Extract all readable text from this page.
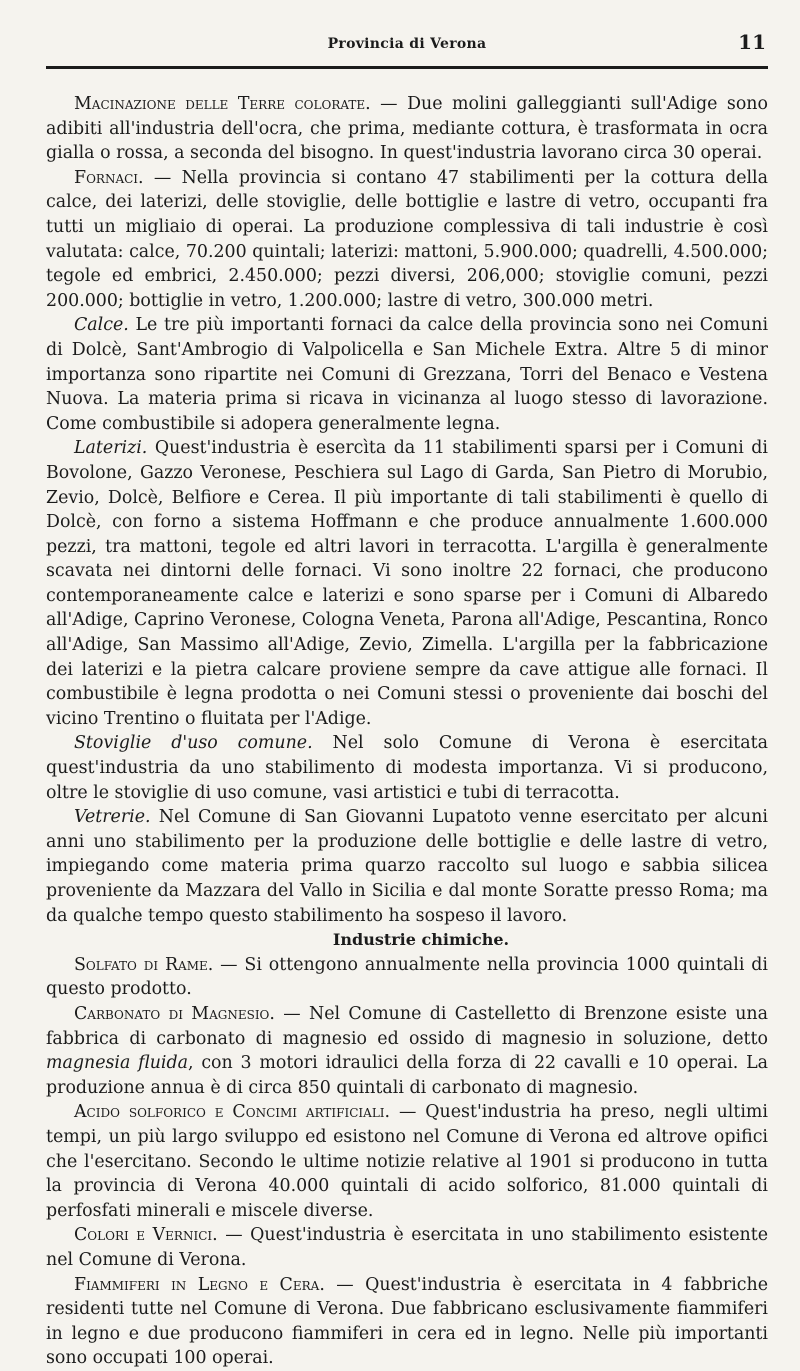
Provincia di Verona	11

Macinazione delle Terre colorate. — Due molini galleggianti sull'Adige sono adibiti all'industria dell'ocra, che prima, mediante cottura, è trasformata in ocra gialla o rossa, a seconda del bisogno. In quest'industria lavorano circa 30 operai.

Fornaci. — Nella provincia si contano 47 stabilimenti per la cottura della calce, dei laterizi, delle stoviglie, delle bottiglie e lastre di vetro, occupanti fra tutti un migliaio di operai. La produzione complessiva di tali industrie è così valutata: calce, 70.200 quintali; laterizi: mattoni, 5.900.000; quadrelli, 4.500.000; tegole ed embrici, 2.450.000; pezzi diversi, 206,000; stoviglie comuni, pezzi 200.000; bottiglie in vetro, 1.200.000; lastre di vetro, 300.000 metri.

Calce. Le tre più importanti fornaci da calce della provincia sono nei Comuni di Dolcè, Sant'Ambrogio di Valpolicella e San Michele Extra. Altre 5 di minor importanza sono ripartite nei Comuni di Grezzana, Torri del Benaco e Vestena Nuova. La materia prima si ricava in vicinanza al luogo stesso di lavorazione. Come combustibile si adopera generalmente legna.

Laterizi. Quest'industria è esercìta da 11 stabilimenti sparsi per i Comuni di Bovolone, Gazzo Veronese, Peschiera sul Lago di Garda, San Pietro di Morubio, Zevio, Dolcè, Belfiore e Cerea. Il più importante di tali stabilimenti è quello di Dolcè, con forno a sistema Hoffmann e che produce annualmente 1.600.000 pezzi, tra mattoni, tegole ed altri lavori in terracotta. L'argilla è generalmente scavata nei dintorni delle fornaci. Vi sono inoltre 22 fornaci, che producono contemporaneamente calce e laterizi e sono sparse per i Comuni di Albaredo all'Adige, Caprino Veronese, Cologna Veneta, Parona all'Adige, Pescantina, Ronco all'Adige, San Massimo all'Adige, Zevio, Zimella. L'argilla per la fabbricazione dei laterizi e la pietra calcare proviene sempre da cave attigue alle fornaci. Il combustibile è legna prodotta o nei Comuni stessi o proveniente dai boschi del vicino Trentino o fluitata per l'Adige.

Stoviglie d'uso comune. Nel solo Comune di Verona è esercitata quest'industria da uno stabilimento di modesta importanza. Vi si producono, oltre le stoviglie di uso comune, vasi artistici e tubi di terracotta.

Vetrerie. Nel Comune di San Giovanni Lupatoto venne esercitato per alcuni anni uno stabilimento per la produzione delle bottiglie e delle lastre di vetro, impiegando come materia prima quarzo raccolto sul luogo e sabbia silicea proveniente da Mazzara del Vallo in Sicilia e dal monte Soratte presso Roma; ma da qualche tempo questo stabilimento ha sospeso il lavoro.

Industrie chimiche.

Solfato di Rame. — Si ottengono annualmente nella provincia 1000 quintali di questo prodotto.

Carbonato di Magnesio. — Nel Comune di Castelletto di Brenzone esiste una fabbrica di carbonato di magnesio ed ossido di magnesio in soluzione, detto magnesia fluida, con 3 motori idraulici della forza di 22 cavalli e 10 operai. La produzione annua è di circa 850 quintali di carbonato di magnesio.

Acido solforico e Concimi artificiali. — Quest'industria ha preso, negli ultimi tempi, un più largo sviluppo ed esistono nel Comune di Verona ed altrove opifici che l'esercitano. Secondo le ultime notizie relative al 1901 si producono in tutta la provincia di Verona 40.000 quintali di acido solforico, 81.000 quintali di perfosfati minerali e miscele diverse.

Colori e Vernici. — Quest'industria è esercitata in uno stabilimento esistente nel Comune di Verona.

Fiammiferi in Legno e Cera. — Quest'industria è esercitata in 4 fabbriche residenti tutte nel Comune di Verona. Due fabbricano esclusivamente fiammiferi in legno e due producono fiammiferi in cera ed in legno. Nelle più importanti sono occupati 100 operai.
